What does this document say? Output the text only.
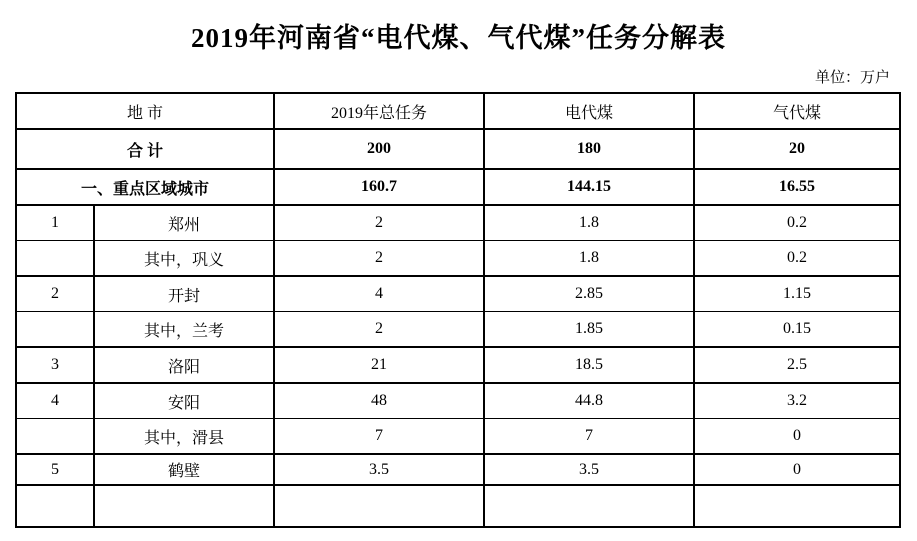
2019年河南省“电代煤、气代煤”任务分解表
单位：万户
地 市		2019年总任务	电代煤	气代煤
合 计		200	180	20
一、重点区域城市		160.7	144.15	16.55
1	郑州	2	1.8	0.2
	其中，巩义	2	1.8	0.2
2	开封	4	2.85	1.15
	其中，兰考	2	1.85	0.15
3	洛阳	21	18.5	2.5
4	安阳	48	44.8	3.2
	其中，滑县	7	7	0
5	鹤壁	3.5	3.5	0
